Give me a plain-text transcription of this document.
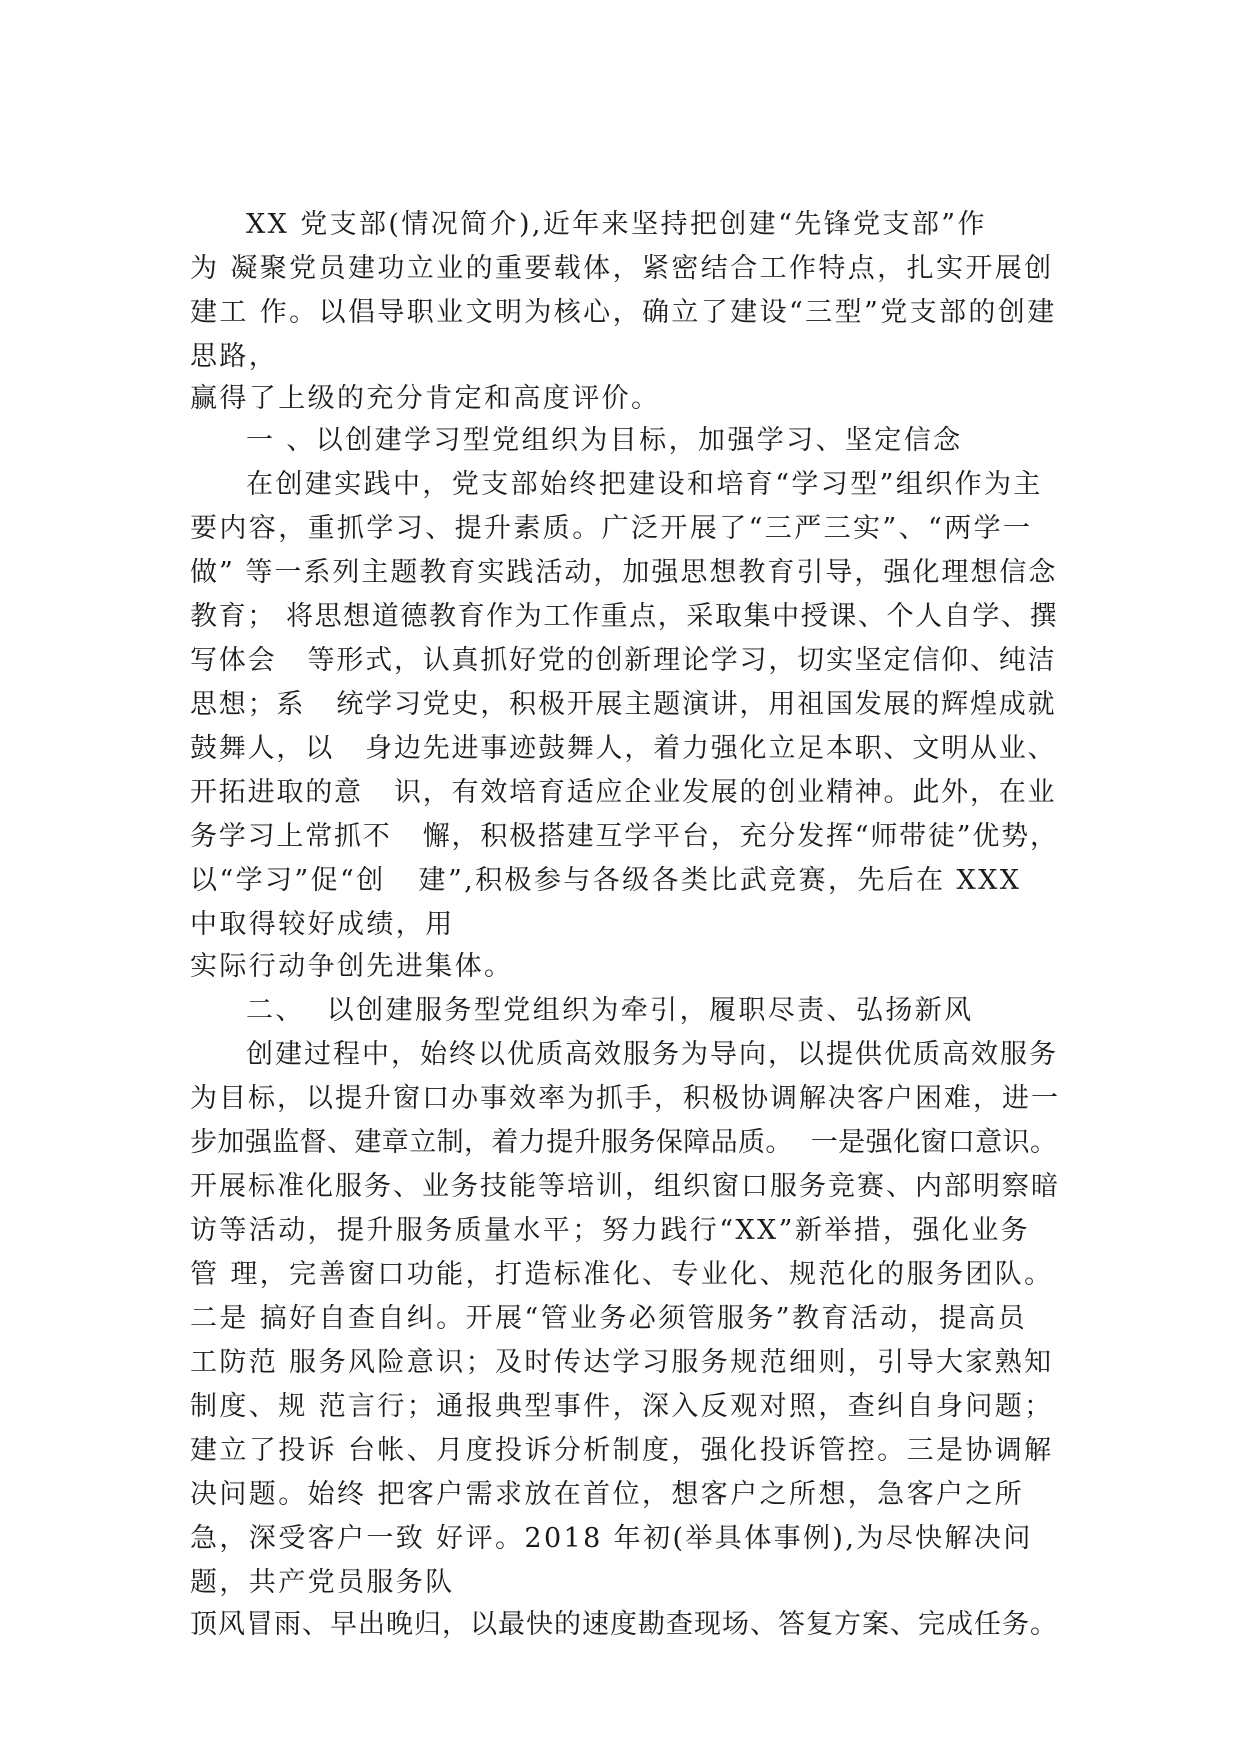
XX 党支部(情况简介),近年来坚持把创建“先锋党支部”作

为 凝聚党员建功立业的重要载体，紧密结合工作特点，扎实开展创

建工 作。以倡导职业文明为核心，确立了建设“三型”党支部的创建

思路，

赢得了上级的充分肯定和高度评价。

一 、以创建学习型党组织为目标，加强学习、坚定信念

在创建实践中，党支部始终把建设和培育“学习型”组织作为主

要内容，重抓学习、提升素质。广泛开展了“三严三实”、“两学一

做” 等一系列主题教育实践活动，加强思想教育引导，强化理想信念

教育； 将思想道德教育作为工作重点，采取集中授课、个人自学、撰

写体会   等形式，认真抓好党的创新理论学习，切实坚定信仰、纯洁

思想；系   统学习党史，积极开展主题演讲，用祖国发展的辉煌成就

鼓舞人，以   身边先进事迹鼓舞人，着力强化立足本职、文明从业、

开拓进取的意   识，有效培育适应企业发展的创业精神。此外，在业

务学习上常抓不   懈，积极搭建互学平台，充分发挥“师带徒”优势，

以“学习”促“创   建”,积极参与各级各类比武竞赛，先后在 XXX

中取得较好成绩，用

实际行动争创先进集体。

二、  以创建服务型党组织为牵引，履职尽责、弘扬新风

创建过程中，始终以优质高效服务为导向，以提供优质高效服务

为目标，以提升窗口办事效率为抓手，积极协调解决客户困难，进一

步加强监督、建章立制，着力提升服务保障品质。  一是强化窗口意识。

开展标准化服务、业务技能等培训，组织窗口服务竞赛、内部明察暗

访等活动，提升服务质量水平；努力践行“XX”新举措，强化业务

管 理，完善窗口功能，打造标准化、专业化、规范化的服务团队。

二是 搞好自查自纠。开展“管业务必须管服务”教育活动，提高员

工防范 服务风险意识；及时传达学习服务规范细则，引导大家熟知

制度、规 范言行；通报典型事件，深入反观对照，查纠自身问题；

建立了投诉 台帐、月度投诉分析制度，强化投诉管控。三是协调解

决问题。始终 把客户需求放在首位，想客户之所想，急客户之所

急，深受客户一致 好评。2018 年初(举具体事例),为尽快解决问

题，共产党员服务队

顶风冒雨、早出晚归，以最快的速度勘查现场、答复方案、完成任务。
